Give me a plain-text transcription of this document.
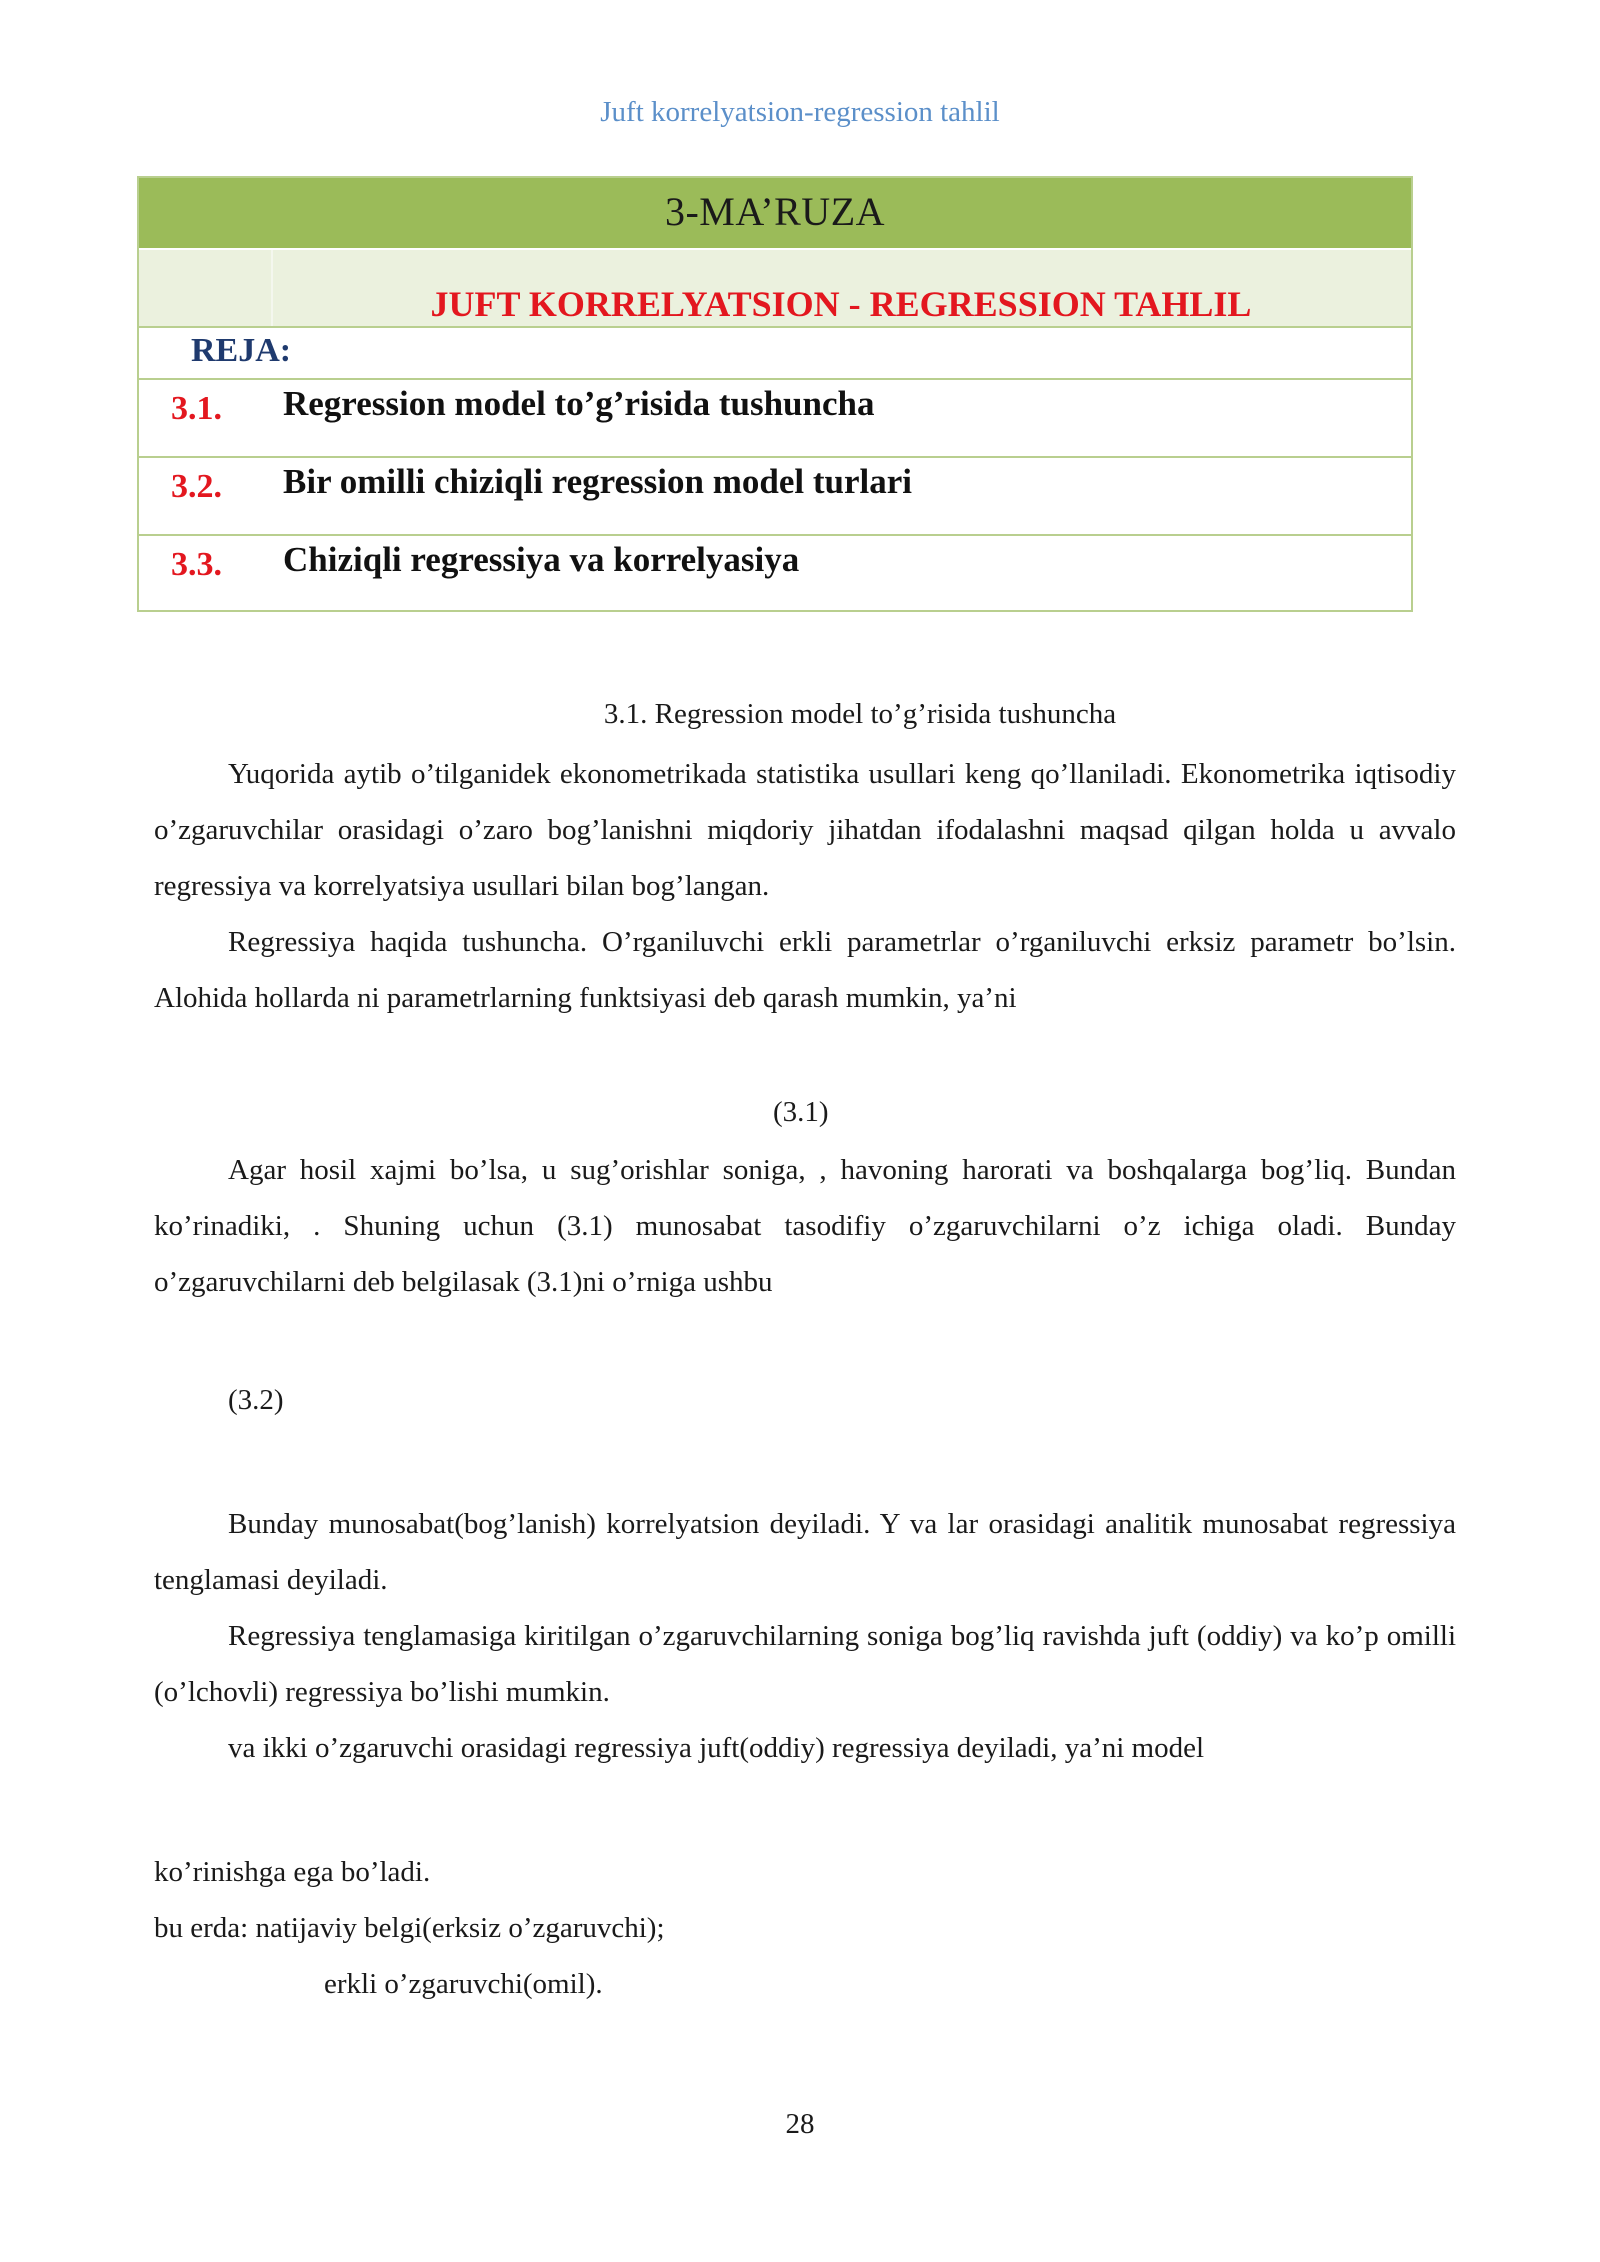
Juft korrelyatsion-regression tahlil
3-MA’RUZA
JUFT KORRELYATSION - REGRESSION TAHLIL
REJA:
3.1. Regression model to’g’risida tushuncha
3.2. Bir omilli chiziqli regression model turlari
3.3. Chiziqli regressiya va korrelyasiya
3.1. Regression model to’g’risida tushuncha

Yuqorida aytib o’tilganidek ekonometrikada statistika usullari keng qo’llaniladi. Ekonometrika iqtisodiy o’zgaruvchilar orasidagi o’zaro bog’lanishni miqdoriy jihatdan ifodalashni maqsad qilgan holda u avvalo regressiya va korrelyatsiya usullari bilan bog’langan.

Regressiya haqida tushuncha. O’rganiluvchi erkli parametrlar o’rganiluvchi erksiz parametr bo’lsin. Alohida hollarda ni parametrlarning funktsiyasi deb qarash mumkin, ya’ni

(3.1)

Agar hosil xajmi bo’lsa, u sug’orishlar soniga, , havoning harorati va boshqalarga bog’liq. Bundan ko’rinadiki, . Shuning uchun (3.1) munosabat tasodifiy o’zgaruvchilarni o’z ichiga oladi. Bunday o’zgaruvchilarni deb belgilasak (3.1)ni o’rniga ushbu

(3.2)

Bunday munosabat(bog’lanish) korrelyatsion deyiladi. Y va lar orasidagi analitik munosabat regressiya tenglamasi deyiladi.

Regressiya tenglamasiga kiritilgan o’zgaruvchilarning soniga bog’liq ravishda juft (oddiy) va ko’p omilli (o’lchovli) regressiya bo’lishi mumkin.

va ikki o’zgaruvchi orasidagi regressiya juft(oddiy) regressiya deyiladi, ya’ni model

ko’rinishga ega bo’ladi.

bu erda: natijaviy belgi(erksiz o’zgaruvchi);

erkli o’zgaruvchi(omil).

28
